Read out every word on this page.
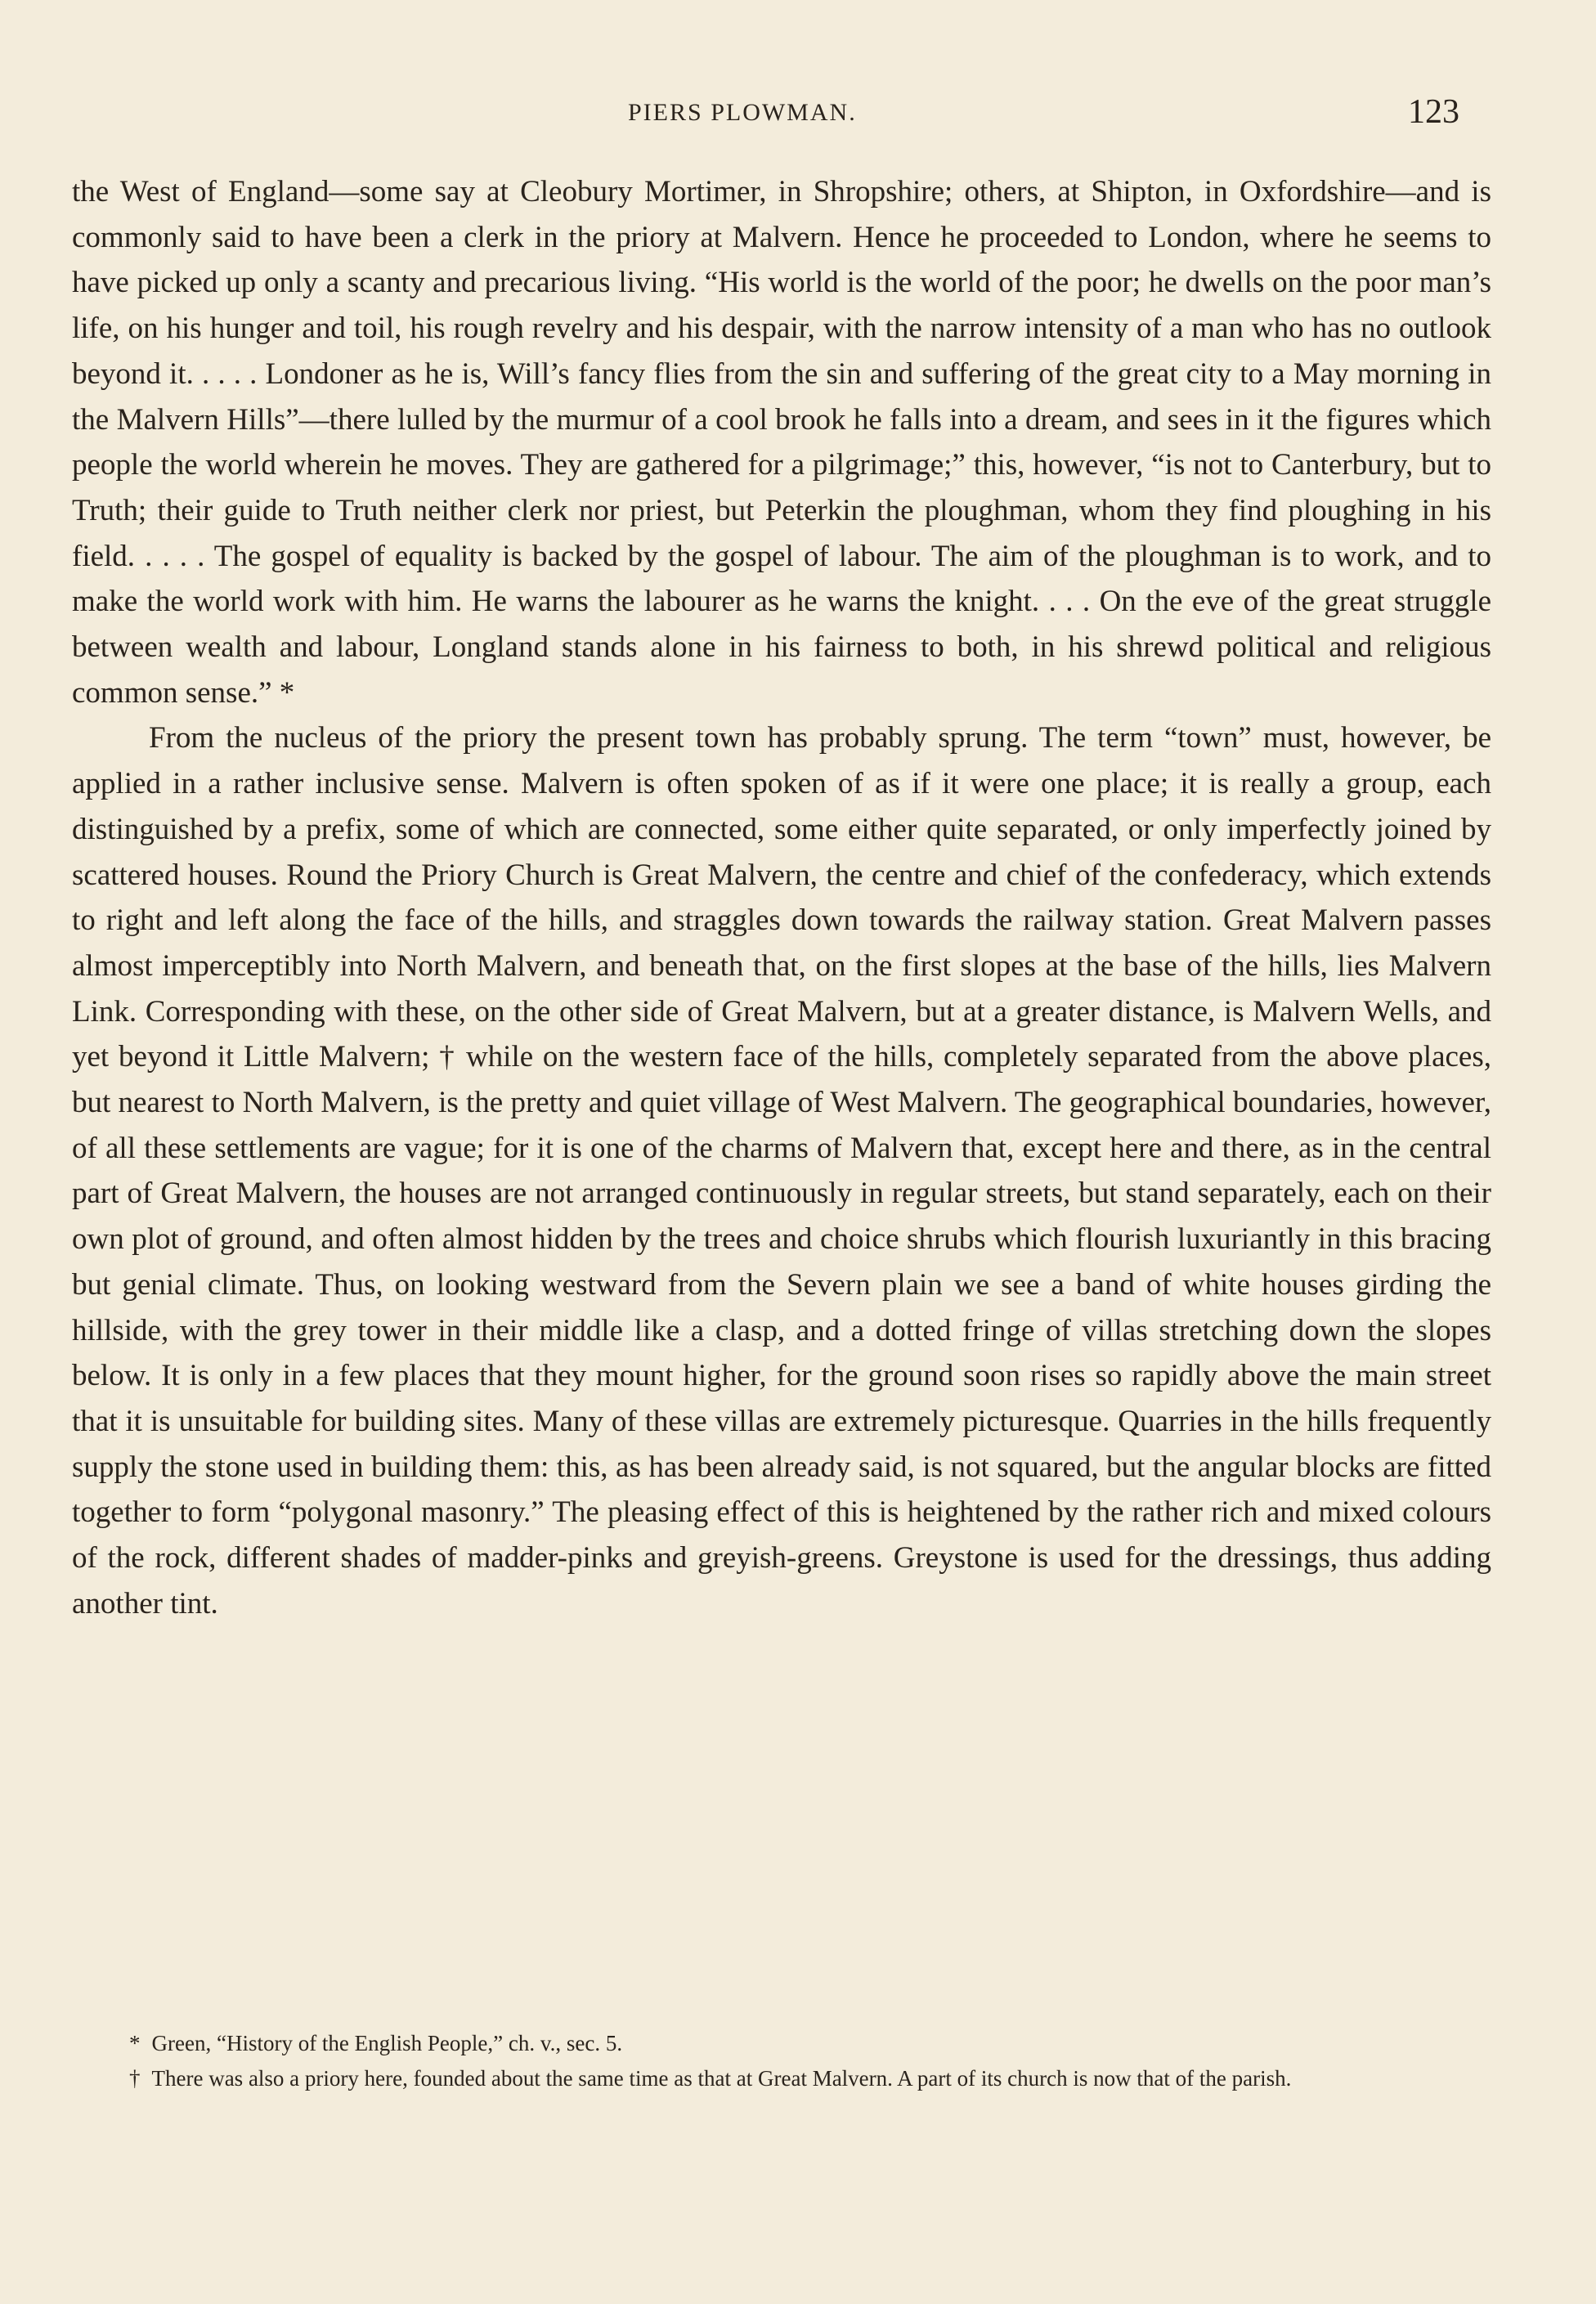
PIERS PLOWMAN.	123

the West of England—some say at Cleobury Mortimer, in Shropshire; others, at Shipton, in Oxfordshire—and is commonly said to have been a clerk in the priory at Malvern. Hence he proceeded to London, where he seems to have picked up only a scanty and precarious living. “His world is the world of the poor; he dwells on the poor man’s life, on his hunger and toil, his rough revelry and his despair, with the narrow intensity of a man who has no outlook beyond it. . . . . Londoner as he is, Will’s fancy flies from the sin and suffering of the great city to a May morning in the Malvern Hills”—there lulled by the murmur of a cool brook he falls into a dream, and sees in it the figures which people the world wherein he moves. They are gathered for a pilgrimage;” this, however, “is not to Canterbury, but to Truth; their guide to Truth neither clerk nor priest, but Peterkin the ploughman, whom they find ploughing in his field. . . . . The gospel of equality is backed by the gospel of labour. The aim of the ploughman is to work, and to make the world work with him. He warns the labourer as he warns the knight. . . . On the eve of the great struggle between wealth and labour, Longland stands alone in his fairness to both, in his shrewd political and religious common sense.” *

From the nucleus of the priory the present town has probably sprung. The term “town” must, however, be applied in a rather inclusive sense. Malvern is often spoken of as if it were one place; it is really a group, each distinguished by a prefix, some of which are connected, some either quite separated, or only imperfectly joined by scattered houses. Round the Priory Church is Great Malvern, the centre and chief of the confederacy, which extends to right and left along the face of the hills, and straggles down towards the railway station. Great Malvern passes almost imperceptibly into North Malvern, and beneath that, on the first slopes at the base of the hills, lies Malvern Link. Corresponding with these, on the other side of Great Malvern, but at a greater distance, is Malvern Wells, and yet beyond it Little Malvern; † while on the western face of the hills, completely separated from the above places, but nearest to North Malvern, is the pretty and quiet village of West Malvern. The geographical boundaries, however, of all these settlements are vague; for it is one of the charms of Malvern that, except here and there, as in the central part of Great Malvern, the houses are not arranged continuously in regular streets, but stand separately, each on their own plot of ground, and often almost hidden by the trees and choice shrubs which flourish luxuriantly in this bracing but genial climate. Thus, on looking westward from the Severn plain we see a band of white houses girding the hillside, with the grey tower in their middle like a clasp, and a dotted fringe of villas stretching down the slopes below. It is only in a few places that they mount higher, for the ground soon rises so rapidly above the main street that it is unsuitable for building sites. Many of these villas are extremely picturesque. Quarries in the hills frequently supply the stone used in building them: this, as has been already said, is not squared, but the angular blocks are fitted together to form “polygonal masonry.” The pleasing effect of this is heightened by the rather rich and mixed colours of the rock, different shades of madder-pinks and greyish-greens. Greystone is used for the dressings, thus adding another tint.

* Green, “History of the English People,” ch. v., sec. 5.

† There was also a priory here, founded about the same time as that at Great Malvern. A part of its church is now that of the parish.
